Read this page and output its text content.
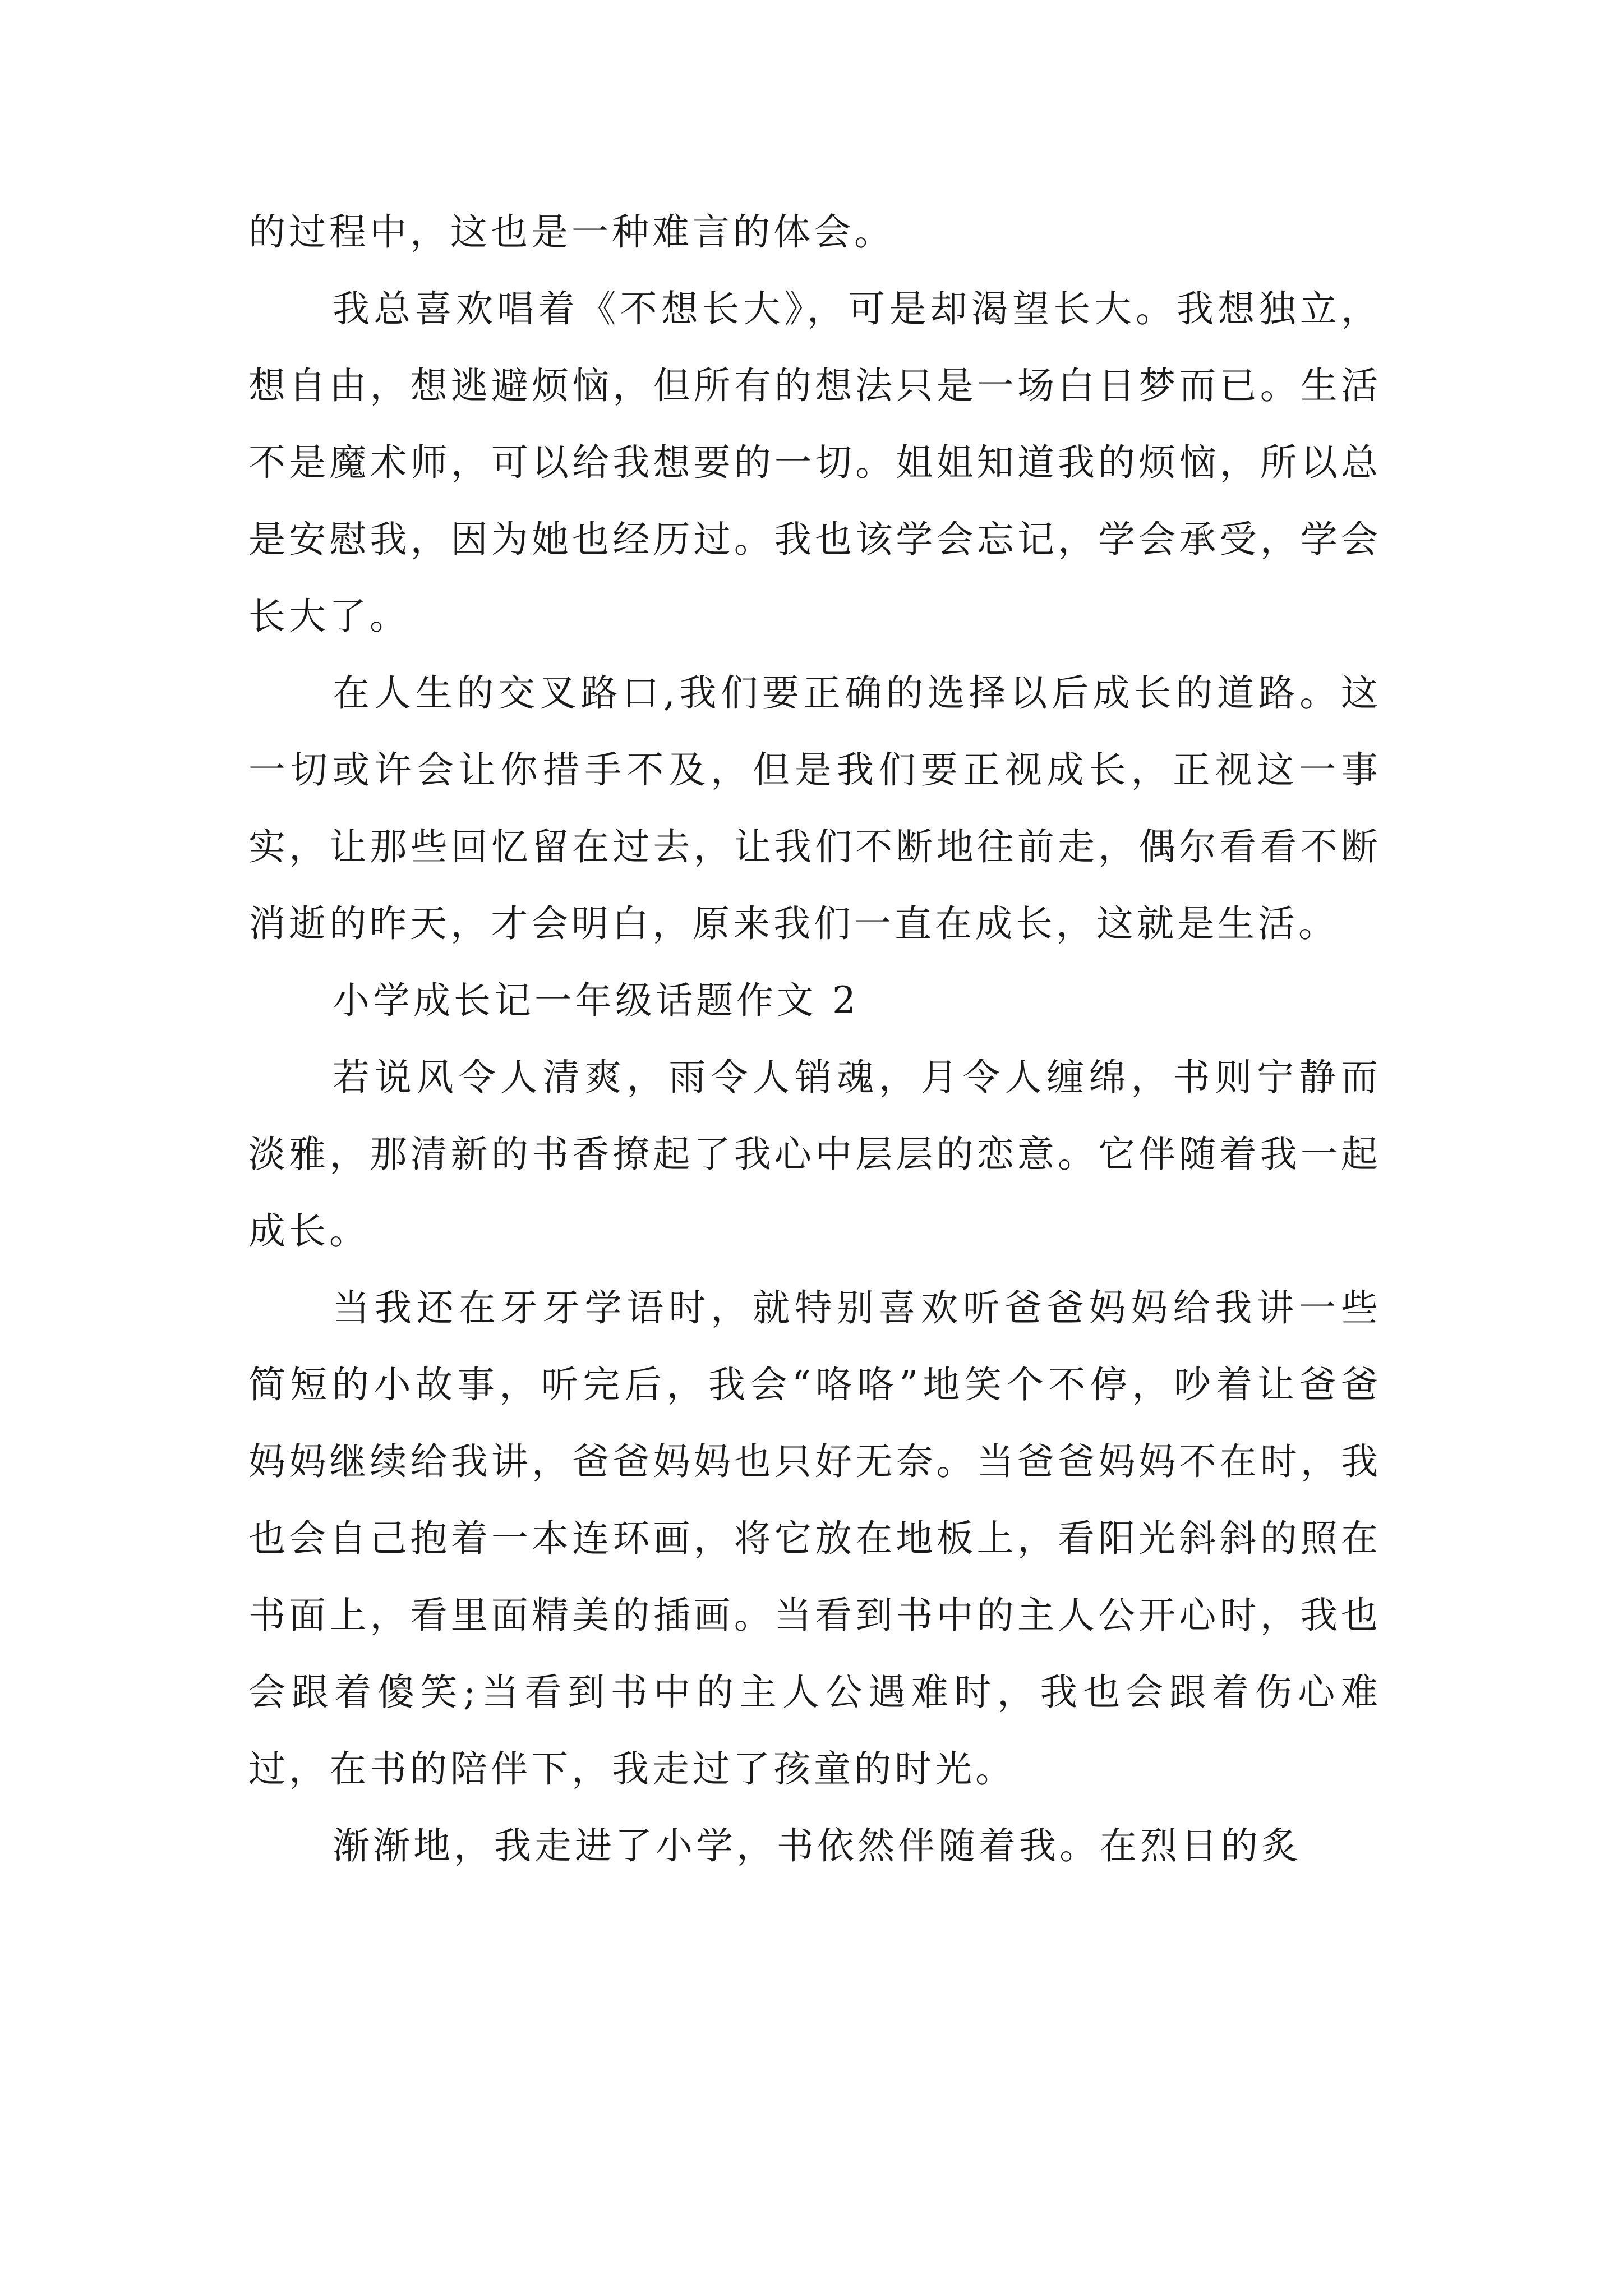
的过程中，这也是一种难言的体会。

我总喜欢唱着《不想长大》，可是却渴望长大。我想独立，想自由，想逃避烦恼，但所有的想法只是一场白日梦而已。生活不是魔术师，可以给我想要的一切。姐姐知道我的烦恼，所以总是安慰我，因为她也经历过。我也该学会忘记，学会承受，学会长大了。

在人生的交叉路口,我们要正确的选择以后成长的道路。这一切或许会让你措手不及，但是我们要正视成长，正视这一事实，让那些回忆留在过去，让我们不断地往前走，偶尔看看不断消逝的昨天，才会明白，原来我们一直在成长，这就是生活。

小学成长记一年级话题作文 2

若说风令人清爽，雨令人销魂，月令人缠绵，书则宁静而淡雅，那清新的书香撩起了我心中层层的恋意。它伴随着我一起成长。

当我还在牙牙学语时，就特别喜欢听爸爸妈妈给我讲一些简短的小故事，听完后，我会“咯咯”地笑个不停，吵着让爸爸妈妈继续给我讲，爸爸妈妈也只好无奈。当爸爸妈妈不在时，我也会自己抱着一本连环画，将它放在地板上，看阳光斜斜的照在书面上，看里面精美的插画。当看到书中的主人公开心时，我也会跟着傻笑;当看到书中的主人公遇难时，我也会跟着伤心难过，在书的陪伴下，我走过了孩童的时光。

渐渐地，我走进了小学，书依然伴随着我。在烈日的炙
